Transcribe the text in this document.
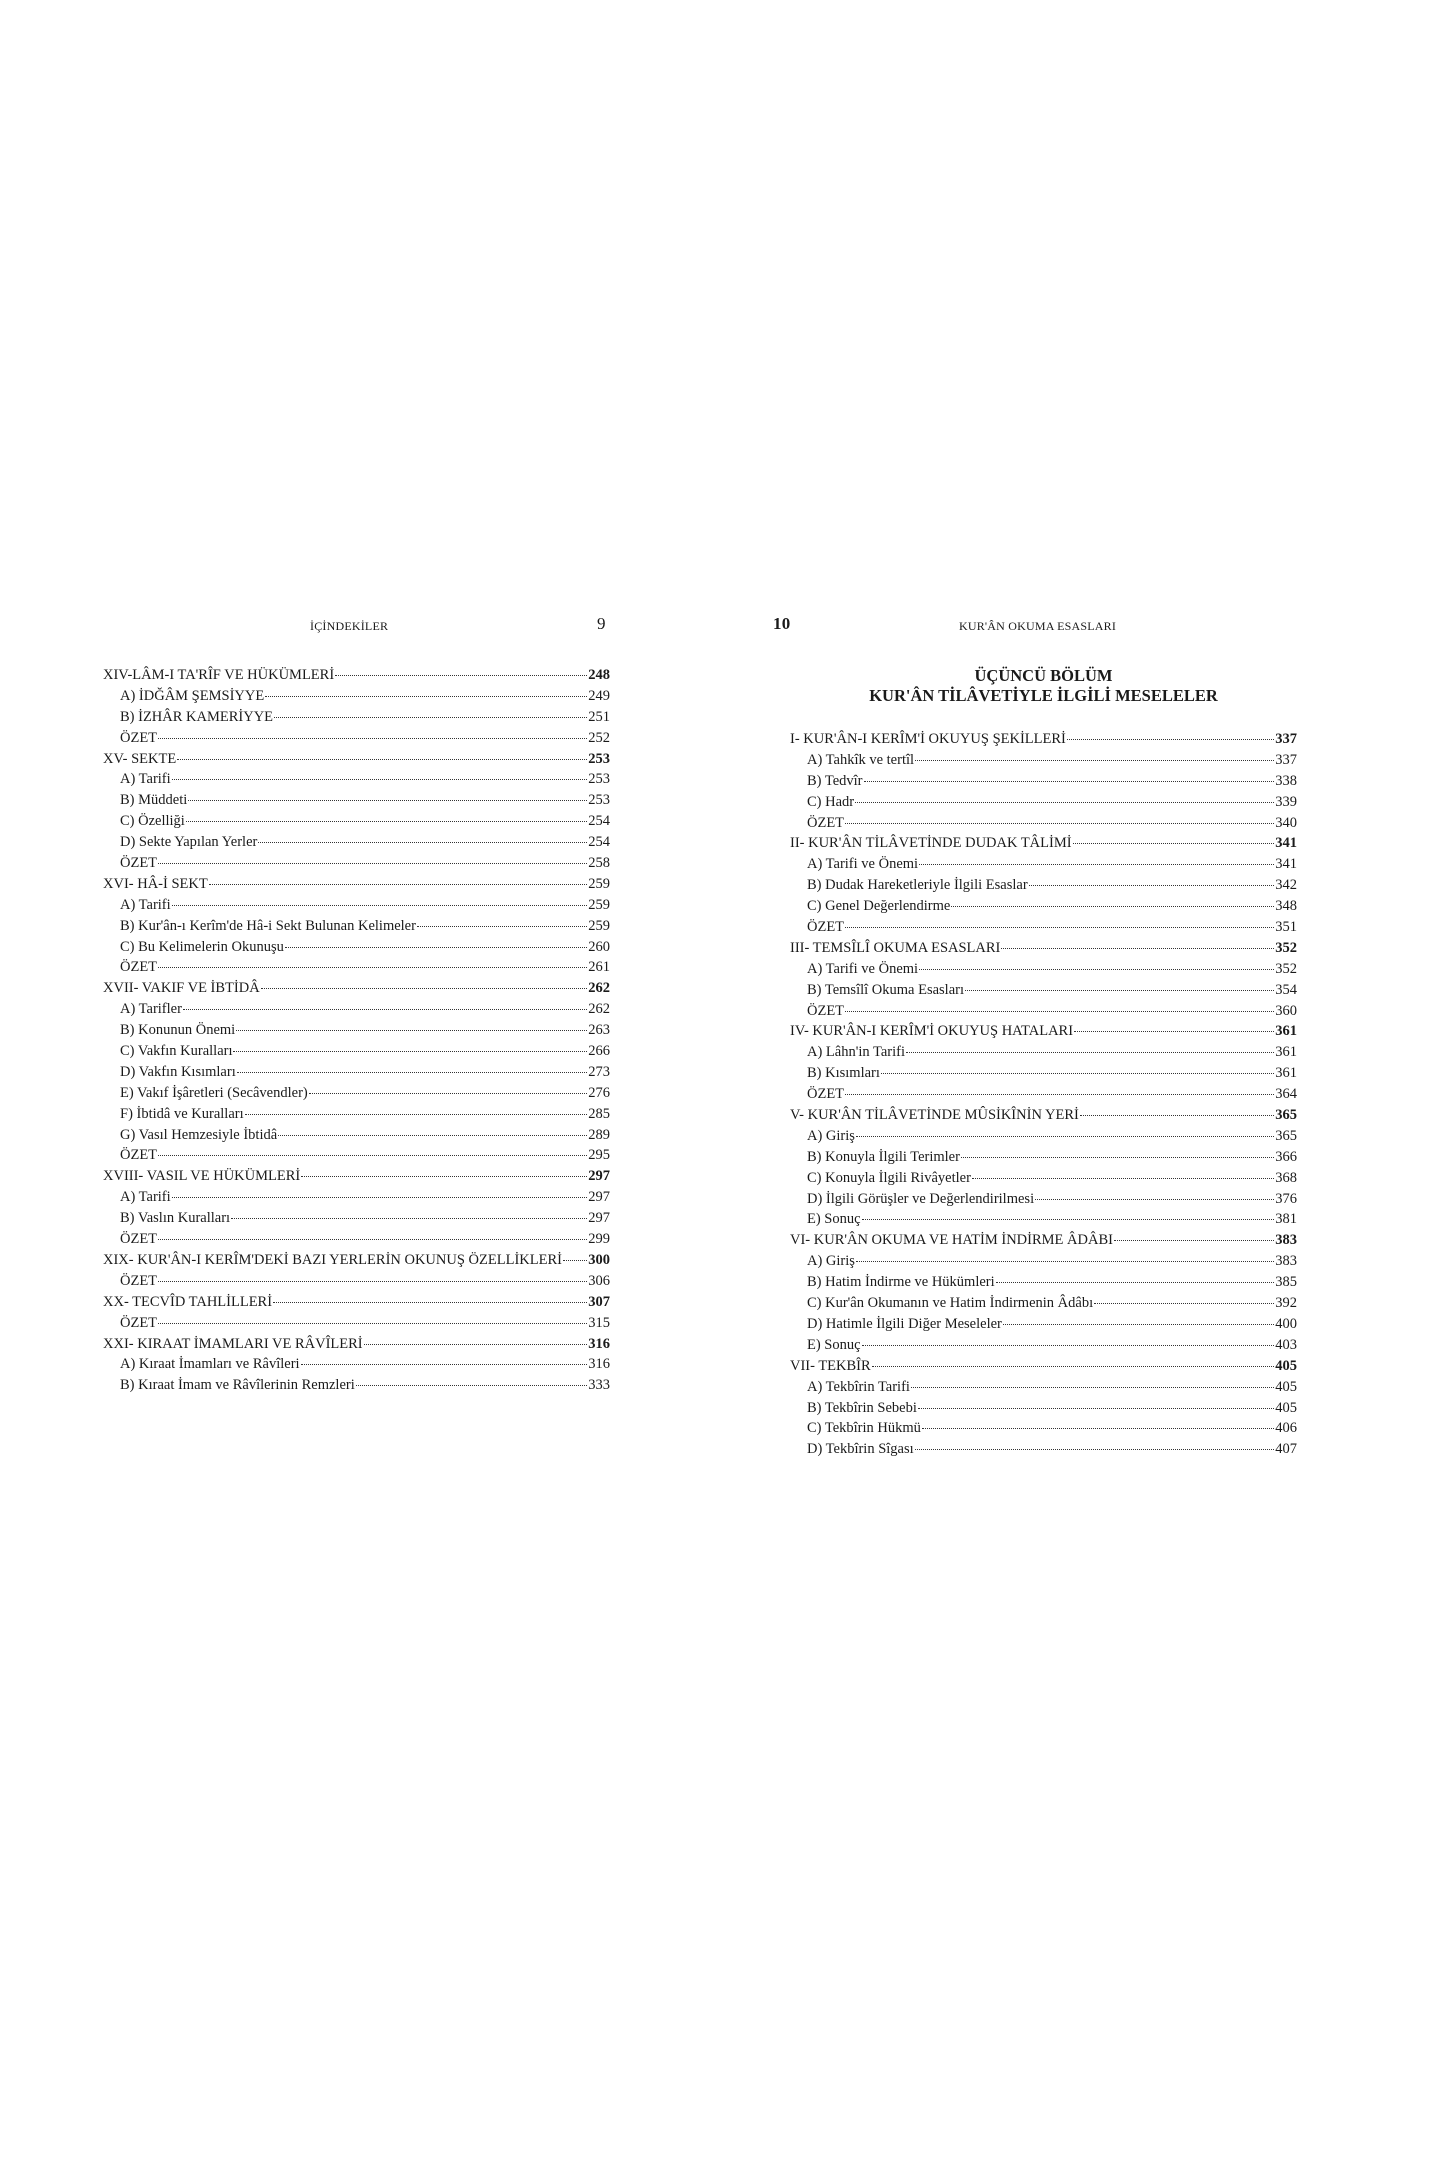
İÇİNDEKİLER	9
XIV-LÂM-I TA'RÎF VE HÜKÜMLERİ	248
A) İDĞÂM ŞEMSİYYE	249
B) İZHÂR KAMERİYYE	251
ÖZET	252
XV- SEKTE	253
A) Tarifi	253
B) Müddeti	253
C) Özelliği	254
D) Sekte Yapılan Yerler	254
ÖZET	258
XVI- HÂ-İ SEKT	259
A) Tarifi	259
B) Kur'ân-ı Kerîm'de Hâ-i Sekt Bulunan Kelimeler	259
C) Bu Kelimelerin Okunuşu	260
ÖZET	261
XVII- VAKIF VE İBTİDÂ	262
A) Tarifler	262
B) Konunun Önemi	263
C) Vakfın Kuralları	266
D) Vakfın Kısımları	273
E) Vakıf İşâretleri (Secâvendler)	276
F) İbtidâ ve Kuralları	285
G) Vasıl Hemzesiyle İbtidâ	289
ÖZET	295
XVIII- VASIL VE HÜKÜMLERİ	297
A) Tarifi	297
B) Vaslın Kuralları	297
ÖZET	299
XIX- KUR'ÂN-I KERÎM'DEKİ BAZI YERLERİN OKUNUŞ ÖZELLİKLERİ 300
ÖZET	306
XX- TECVÎD TAHLİLLERİ	307
ÖZET	315
XXI- KIRAAT İMAMLARI VE RÂVÎLERİ	316
A) Kıraat İmamları ve Râvîleri	316
B) Kıraat İmam ve Râvîlerinin Remzleri	333
10	KUR'ÂN OKUMA ESASLARI
ÜÇÜNCÜ BÖLÜM
KUR'ÂN TİLÂVETİYLE İLGİLİ MESELELER
I- KUR'ÂN-I KERÎM'İ OKUYUŞ ŞEKİLLERİ	337
A) Tahkîk ve tertîl	337
B) Tedvîr	338
C) Hadr	339
ÖZET	340
II- KUR'ÂN TİLÂVETİNDE DUDAK TÂLİMİ	341
A) Tarifi ve Önemi	341
B) Dudak Hareketleriyle İlgili Esaslar	342
C) Genel Değerlendirme	348
ÖZET	351
III- TEMSÎLÎ OKUMA ESASLARI	352
A) Tarifi ve Önemi	352
B) Temsîlî Okuma Esasları	354
ÖZET	360
IV- KUR'ÂN-I KERÎM'İ OKUYUŞ HATALARI	361
A) Lâhn'in Tarifi	361
B) Kısımları	361
ÖZET	364
V- KUR'ÂN TİLÂVETİNDE MÛSİKÎNİN YERİ	365
A) Giriş	365
B) Konuyla İlgili Terimler	366
C) Konuyla İlgili Rivâyetler	368
D) İlgili Görüşler ve Değerlendirilmesi	376
E) Sonuç	381
VI- KUR'ÂN OKUMA VE HATİM İNDİRME ÂDÂBI	383
A) Giriş	383
B) Hatim İndirme ve Hükümleri	385
C) Kur'ân Okumanın ve Hatim İndirmenin Âdâbı	392
D) Hatimle İlgili Diğer Meseleler	400
E) Sonuç	403
VII- TEKBÎR	405
A) Tekbîrin Tarifi	405
B) Tekbîrin Sebebi	405
C) Tekbîrin Hükmü	406
D) Tekbîrin Sîgası	407
